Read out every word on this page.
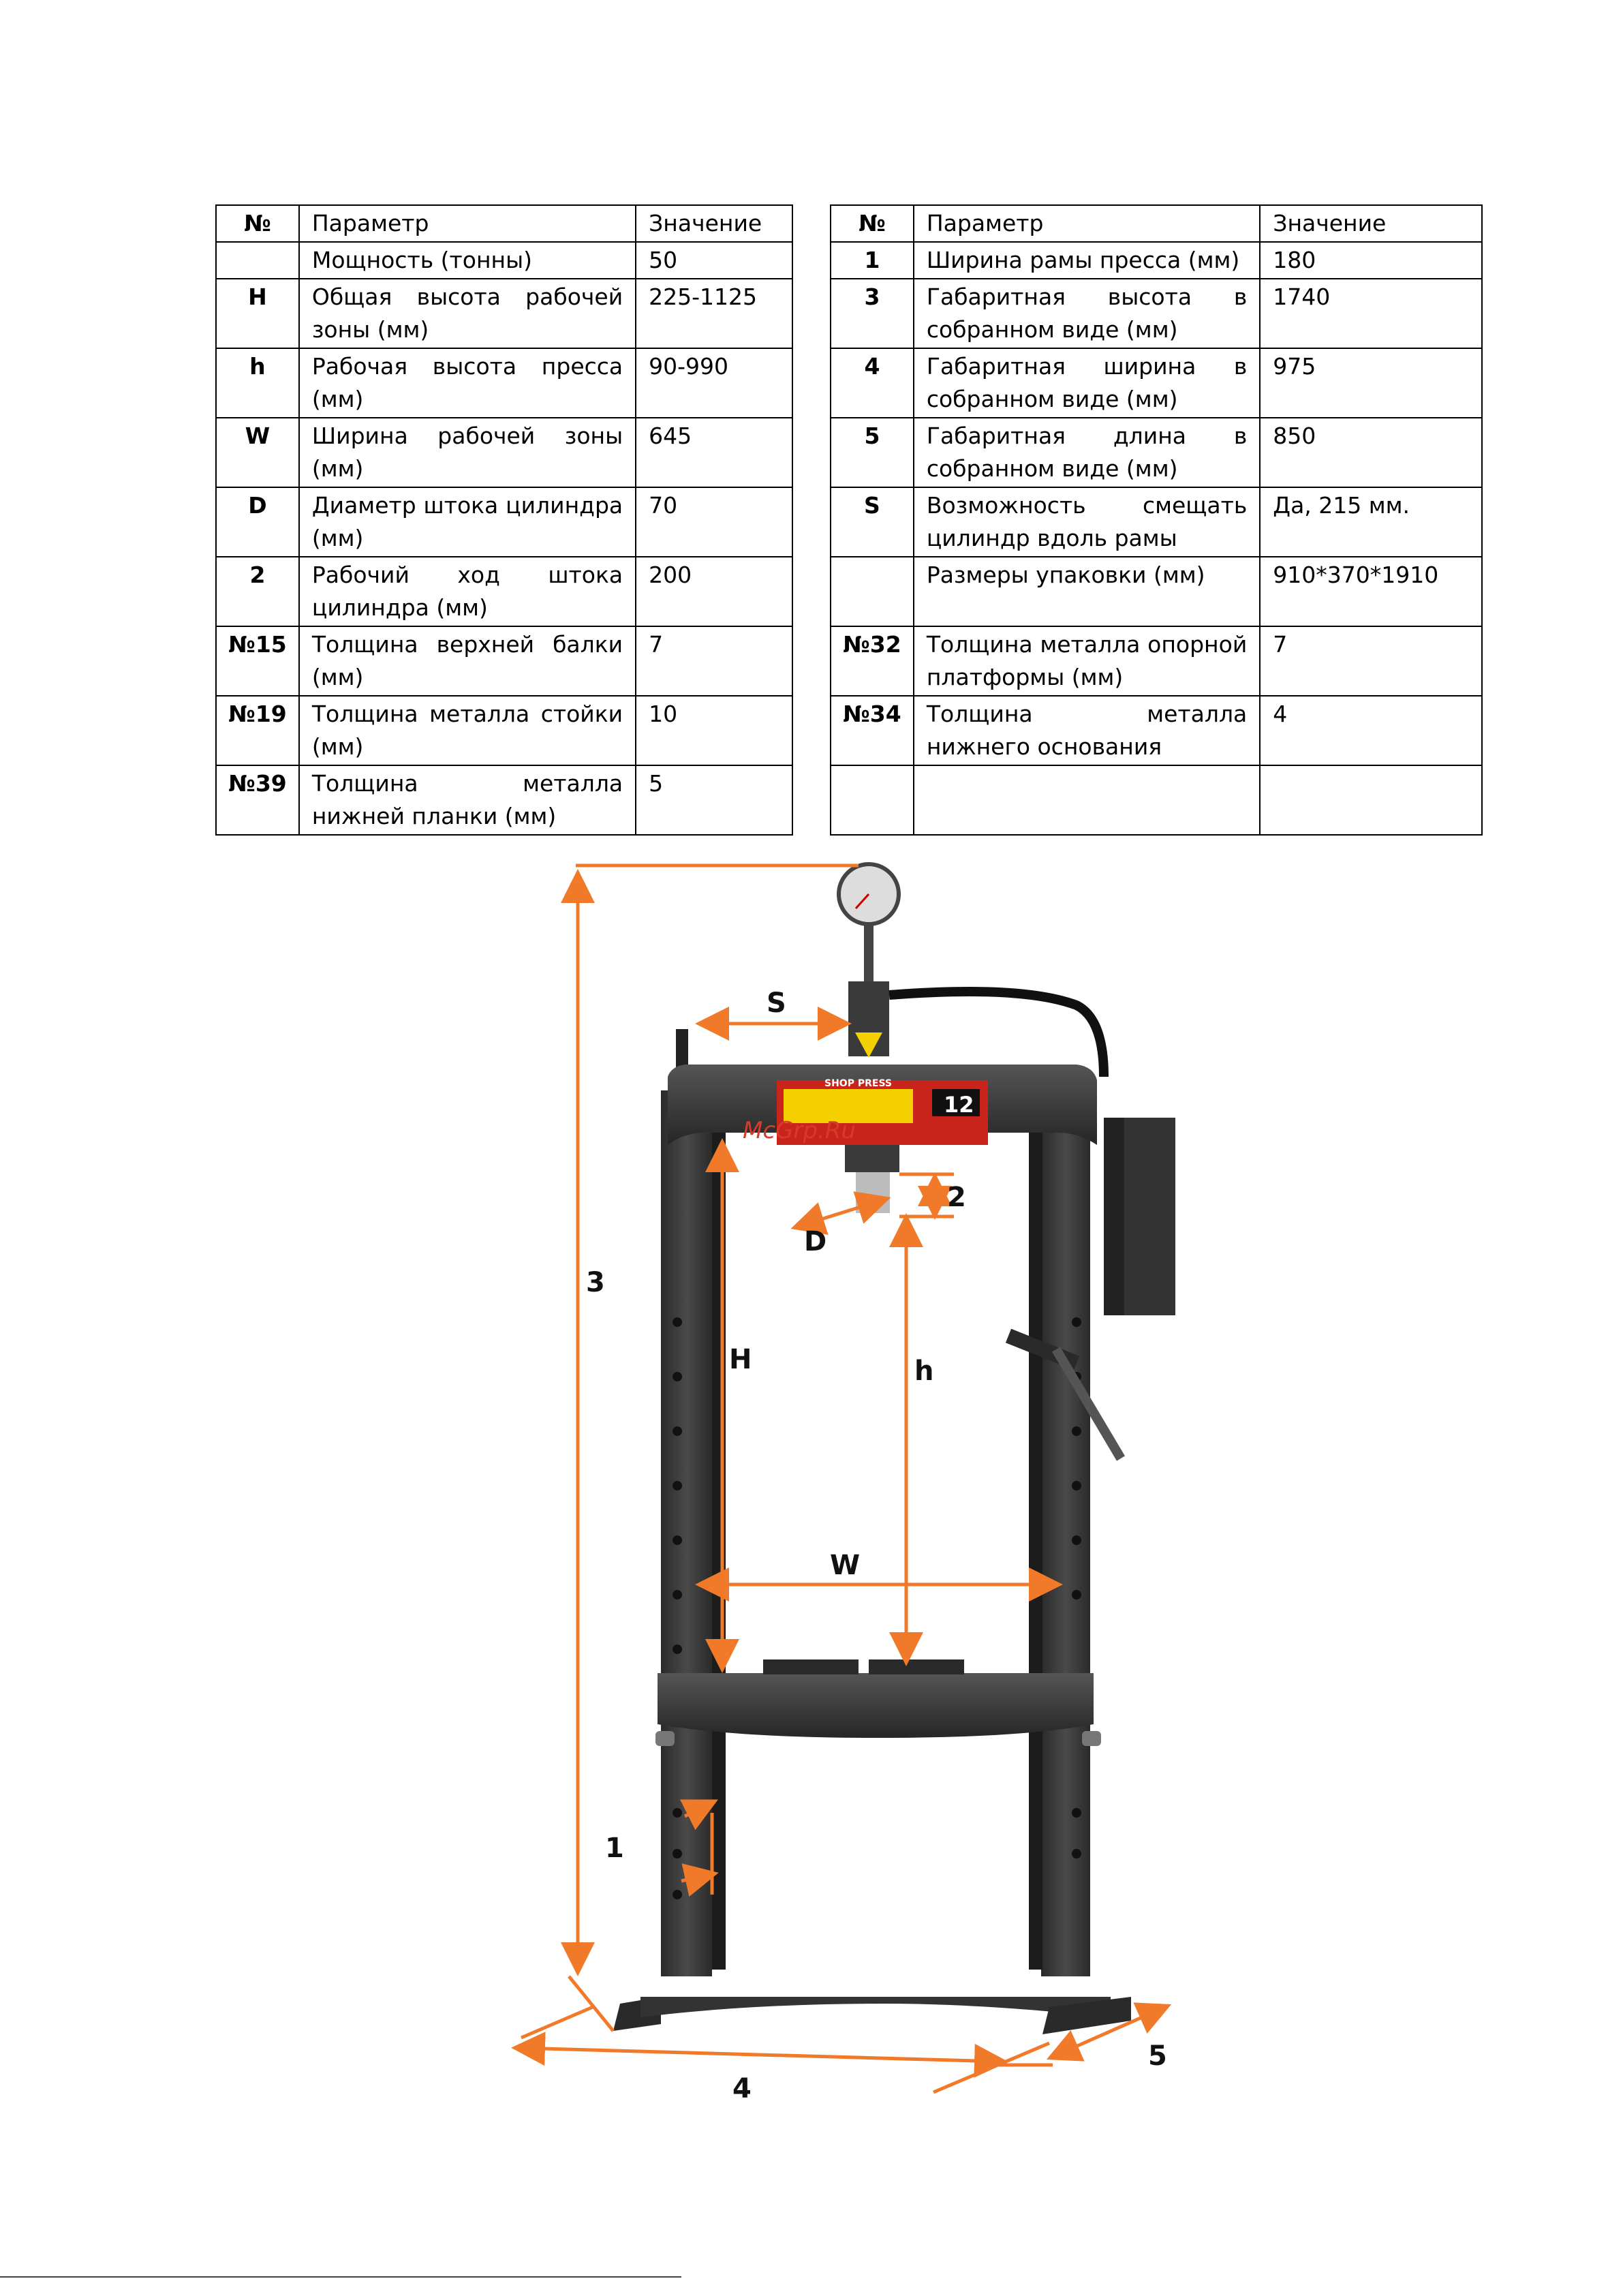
№	Параметр	Значение
	Мощность (тонны)	50
H	Общая высота рабочей зоны (мм)	225-1125
h	Рабочая высота пресса (мм)	90-990
W	Ширина рабочей зоны (мм)	645
D	Диаметр штока цилиндра (мм)	70
2	Рабочий ход штока цилиндра (мм)	200
№15	Толщина верхней балки (мм)	7
№19	Толщина металла стойки (мм)	10
№39	Толщина металла нижней планки (мм)	5
№	Параметр	Значение
1	Ширина рамы пресса (мм)	180
3	Габаритная высота в собранном виде (мм)	1740
4	Габаритная ширина в собранном виде (мм)	975
5	Габаритная длина в собранном виде (мм)	850
S	Возможность смещать цилиндр вдоль рамы	Да, 215 мм.
	Размеры упаковки (мм)	910*370*1910
№32	Толщина металла опорной платформы (мм)	7
№34	Толщина металла нижнего основания	4

SHOP PRESS
12
McGrp.Ru
S
2
D
3
H	h
W
1
4
5
